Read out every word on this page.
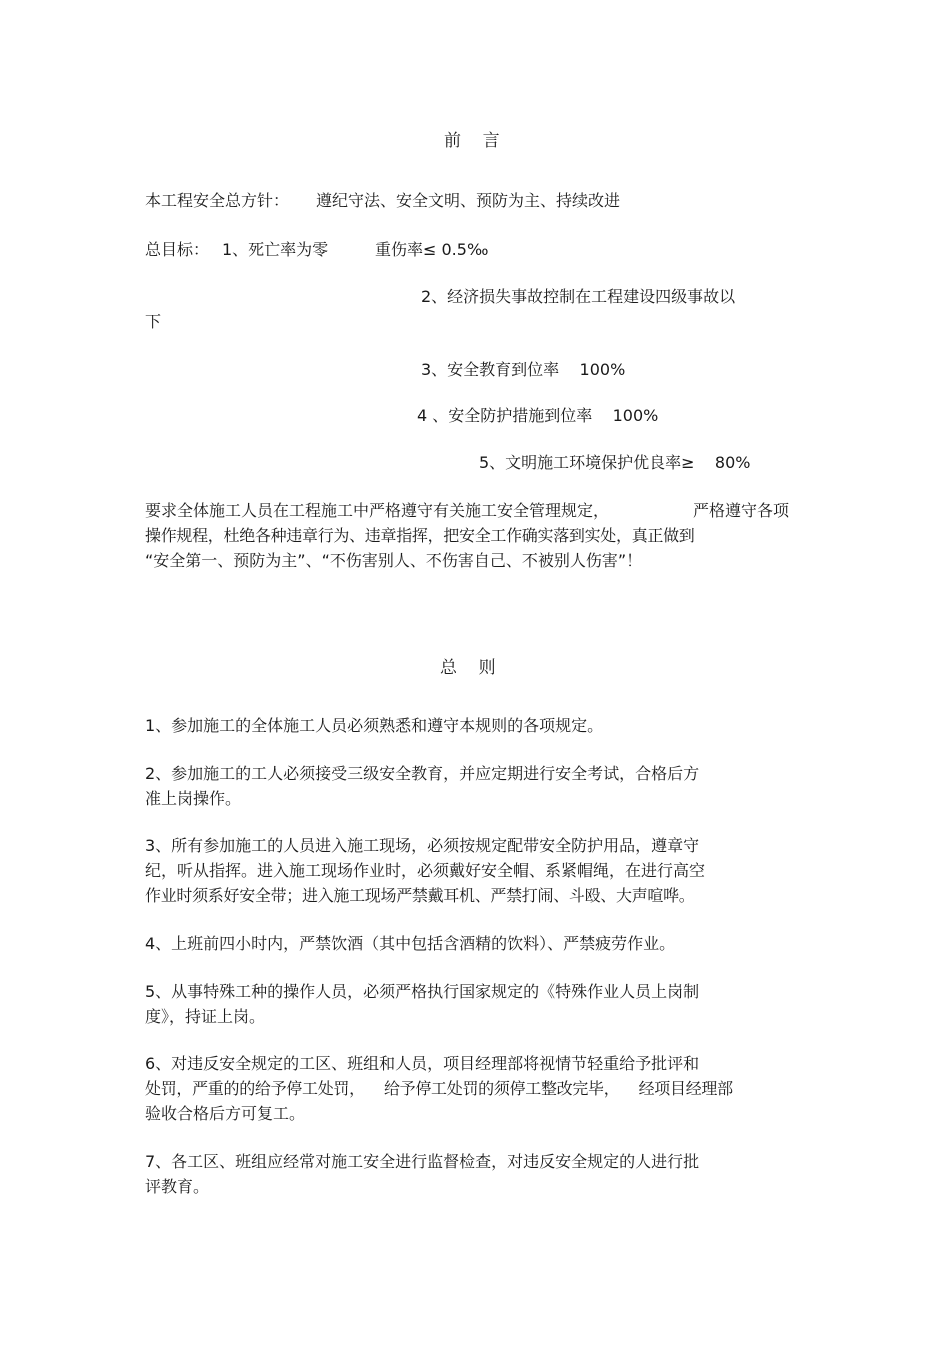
前    言
本工程安全总方针： 遵纪守法、安全文明、预防为主、持续改进
总目标： 1、死亡率为零	重伤率≤ 0.5‰
2、经济损失事故控制在工程建设四级事故以
下
3、安全教育到位率    100%
4 、安全防护措施到位率    100%
5、文明施工环境保护优良率≥    80%
要求全体施工人员在工程施工中严格遵守有关施工安全管理规定，	严格遵守各项
操作规程，杜绝各种违章行为、违章指挥，把安全工作确实落到实处，真正做到
“安全第一、预防为主”、“不伤害别人、不伤害自己、不被别人伤害”！
总    则
1、参加施工的全体施工人员必须熟悉和遵守本规则的各项规定。
2、参加施工的工人必须接受三级安全教育，并应定期进行安全考试，合格后方
准上岗操作。
3、所有参加施工的人员进入施工现场，必须按规定配带安全防护用品，遵章守
纪，听从指挥。进入施工现场作业时，必须戴好安全帽、系紧帽绳，在进行高空
作业时须系好安全带；进入施工现场严禁戴耳机、严禁打闹、斗殴、大声喧哗。
4、上班前四小时内，严禁饮酒（其中包括含酒精的饮料）、严禁疲劳作业。
5、从事特殊工种的操作人员，必须严格执行国家规定的《特殊作业人员上岗制
度》，持证上岗。
6、对违反安全规定的工区、班组和人员，项目经理部将视情节轻重给予批评和
处罚，严重的的给予停工处罚，    给予停工处罚的须停工整改完毕，    经项目经理部
验收合格后方可复工。
7、各工区、班组应经常对施工安全进行监督检查，对违反安全规定的人进行批
评教育。
